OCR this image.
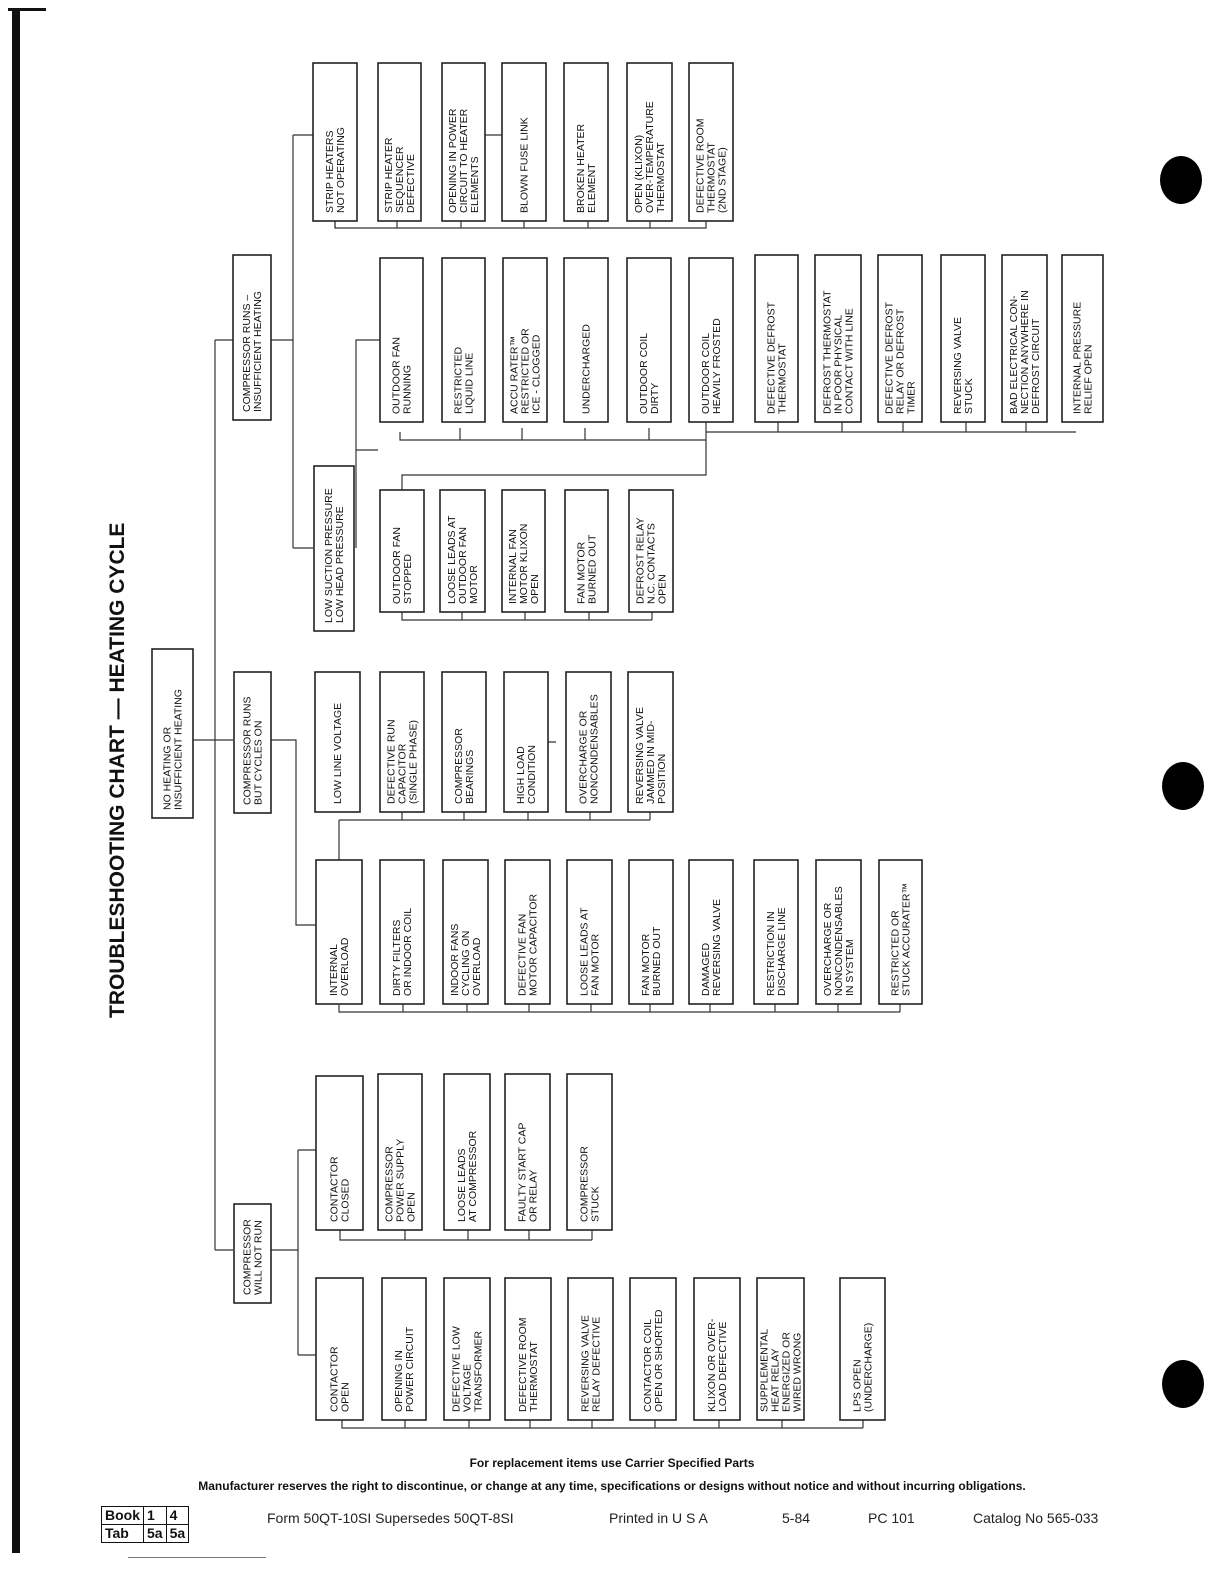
TROUBLESHOOTING CHART — HEATING CYCLE	NO HEATING OR INSUFFICIENT HEATING
COMPRESSOR RUNS – INSUFFICIENT HEATING
COMPRESSOR RUNS BUT CYCLES ON
COMPRESSOR WILL NOT RUN
STRIP HEATERS NOT OPERATING	STRIP HEATER SEQUENCER DEFECTIVE	OPENING IN POWER CIRCUIT TO HEATER ELEMENTS	BLOWN FUSE LINK	BROKEN HEATER ELEMENT	OPEN (KLIXON) OVER-TEMPERATURE THERMOSTAT	DEFECTIVE ROOM THERMOSTAT (2ND STAGE)
LOW SUCTION PRESSURE LOW HEAD PRESSURE
OUTDOOR FAN RUNNING	RESTRICTED LIQUID LINE	ACCU RATER™ RESTRICTED OR ICE - CLOGGED	UNDERCHARGED	OUTDOOR COIL DIRTY	OUTDOOR COIL HEAVILY FROSTED	DEFECTIVE DEFROST THERMOSTAT	DEFROST THERMOSTAT IN POOR PHYSICAL CONTACT WITH LINE	DEFECTIVE DEFROST RELAY OR DEFROST TIMER	REVERSING VALVE STUCK	BAD ELECTRICAL CON- NECTION ANYWHERE IN DEFROST CIRCUIT	INTERNAL PRESSURE RELIEF OPEN
OUTDOOR FAN STOPPED	LOOSE LEADS AT OUTDOOR FAN MOTOR	INTERNAL FAN MOTOR KLIXON OPEN	FAN MOTOR BURNED OUT	DEFROST RELAY N.C. CONTACTS OPEN
LOW LINE VOLTAGE	DEFECTIVE RUN CAPACITOR (SINGLE PHASE)	COMPRESSOR BEARINGS	HIGH LOAD CONDITION	OVERCHARGE OR NONCONDENSABLES	REVERSING VALVE JAMMED IN MID- POSITION
INTERNAL OVERLOAD	DIRTY FILTERS OR INDOOR COIL	INDOOR FANS CYCLING ON OVERLOAD	DEFECTIVE FAN MOTOR CAPACITOR	LOOSE LEADS AT FAN MOTOR	FAN MOTOR BURNED OUT	DAMAGED REVERSING VALVE	RESTRICTION IN DISCHARGE LINE	OVERCHARGE OR NONCONDENSABLES IN SYSTEM	RESTRICTED OR STUCK ACCURATER™
CONTACTOR CLOSED	COMPRESSOR POWER SUPPLY OPEN	LOOSE LEADS AT COMPRESSOR	FAULTY START CAP OR RELAY	COMPRESSOR STUCK
CONTACTOR OPEN	OPENING IN POWER CIRCUIT	DEFECTIVE LOW VOLTAGE TRANSFORMER	DEFECTIVE ROOM THERMOSTAT	REVERSING VALVE RELAY DEFECTIVE	CONTACTOR COIL OPEN OR SHORTED	KLIXON OR OVER- LOAD DEFECTIVE	SUPPLEMENTAL HEAT RELAY ENERGIZED OR WIRED WRONG	LPS OPEN (UNDERCHARGE)
For replacement items use Carrier Specified Parts
Manufacturer reserves the right to discontinue, or change at any time, specifications or designs without notice and without incurring obligations.
Book	1	4
Tab	5a	5a
Form 50QT-10SI Supersedes 50QT-8SI	Printed in U S A	5-84	PC 101	Catalog No 565-033
